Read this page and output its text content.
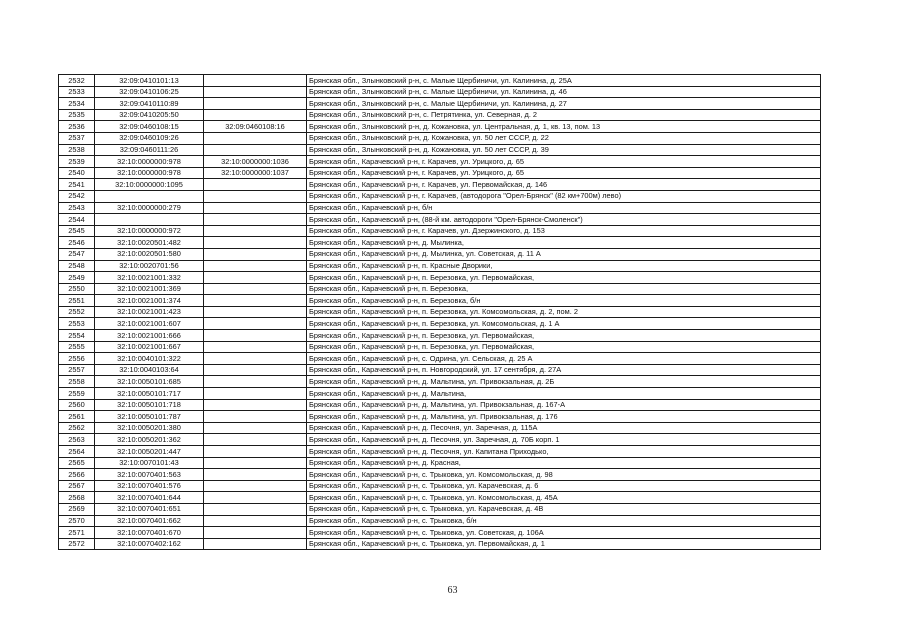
2532	32:09:0410101:13		Брянская обл., Злынковский р-н, с. Малые Щербиничи, ул. Калинина, д. 25А
2533	32:09:0410106:25		Брянская обл., Злынковский р-н, с. Малые Щербиничи, ул. Калинина, д. 46
2534	32:09:0410110:89		Брянская обл., Злынковский р-н, с. Малые Щербиничи, ул. Калинина, д. 27
2535	32:09:0410205:50		Брянская обл., Злынковский р-н, с. Петрятинка, ул. Северная, д. 2
2536	32:09:0460108:15	32:09:0460108:16	Брянская обл., Злынковский р-н, д. Кожановка, ул. Центральная, д. 1, кв. 13, пом. 13
2537	32:09:0460109:26		Брянская обл., Злынковский р-н, д. Кожановка, ул. 50 лет СССР, д. 22
2538	32:09:0460111:26		Брянская обл., Злынковский р-н, д. Кожановка, ул. 50 лет СССР, д. 39
2539	32:10:0000000:978	32:10:0000000:1036	Брянская обл., Карачевский р-н, г. Карачев, ул. Урицкого, д. 65
2540	32:10:0000000:978	32:10:0000000:1037	Брянская обл., Карачевский р-н, г. Карачев, ул. Урицкого, д. 65
2541	32:10:0000000:1095		Брянская обл., Карачевский р-н, г. Карачев, ул. Первомайская, д. 146
2542			Брянская обл., Карачевский р-н, г. Карачев, (автодорога "Орел-Брянск" (82 км+700м) лево)
2543	32:10:0000000:279		Брянская обл., Карачевский р-н, б/н
2544			Брянская обл., Карачевский р-н, (88-й км. автодороги "Орел-Брянск-Смоленск")
2545	32:10:0000000:972		Брянская обл., Карачевский р-н, г. Карачев, ул. Дзержинского, д. 153
2546	32:10:0020501:482		Брянская обл., Карачевский р-н, д. Мылинка,
2547	32:10:0020501:580		Брянская обл., Карачевский р-н, д. Мылинка, ул. Советская, д. 11 А
2548	32:10:0020701:56		Брянская обл., Карачевский р-н, п. Красные Дворики,
2549	32:10:0021001:332		Брянская обл., Карачевский р-н, п. Березовка, ул. Первомайская,
2550	32:10:0021001:369		Брянская обл., Карачевский р-н, п. Березовка,
2551	32:10:0021001:374		Брянская обл., Карачевский р-н, п. Березовка, б/н
2552	32:10:0021001:423		Брянская обл., Карачевский р-н, п. Березовка, ул. Комсомольская, д. 2, пом. 2
2553	32:10:0021001:607		Брянская обл., Карачевский р-н, п. Березовка, ул. Комсомольская, д. 1 А
2554	32:10:0021001:666		Брянская обл., Карачевский р-н, п. Березовка, ул. Первомайская,
2555	32:10:0021001:667		Брянская обл., Карачевский р-н, п. Березовка, ул. Первомайская,
2556	32:10:0040101:322		Брянская обл., Карачевский р-н, с. Одрина, ул. Сельская, д. 25 А
2557	32:10:0040103:64		Брянская обл., Карачевский р-н, п. Новгородский, ул. 17 сентября, д. 27А
2558	32:10:0050101:685		Брянская обл., Карачевский р-н, д. Мальтина, ул. Привокзальная, д. 2Б
2559	32:10:0050101:717		Брянская обл., Карачевский р-н, д. Мальтина,
2560	32:10:0050101:718		Брянская обл., Карачевский р-н, д. Мальтина, ул. Привокзальная, д. 167-А
2561	32:10:0050101:787		Брянская обл., Карачевский р-н, д. Мальтина, ул. Привокзальная, д. 176
2562	32:10:0050201:380		Брянская обл., Карачевский р-н, д. Песочня, ул. Заречная, д. 115А
2563	32:10:0050201:362		Брянская обл., Карачевский р-н, д. Песочня, ул. Заречная, д. 70Б корп. 1
2564	32:10:0050201:447		Брянская обл., Карачевский р-н, д. Песочня, ул. Капитана Приходько,
2565	32:10:0070101:43		Брянская обл., Карачевский р-н, д. Красная,
2566	32:10:0070401:563		Брянская обл., Карачевский р-н, с. Трыковка, ул. Комсомольская, д. 98
2567	32:10:0070401:576		Брянская обл., Карачевский р-н, с. Трыковка, ул. Карачевская, д. 6
2568	32:10:0070401:644		Брянская обл., Карачевский р-н, с. Трыковка, ул. Комсомольская, д. 45А
2569	32:10:0070401:651		Брянская обл., Карачевский р-н, с. Трыковка, ул. Карачевская, д. 4В
2570	32:10:0070401:662		Брянская обл., Карачевский р-н, с. Трыковка, б/н
2571	32:10:0070401:670		Брянская обл., Карачевский р-н, с. Трыковка, ул. Советская, д. 106А
2572	32:10:0070402:162		Брянская обл., Карачевский р-н, с. Трыковка, ул. Первомайская, д. 1
63
